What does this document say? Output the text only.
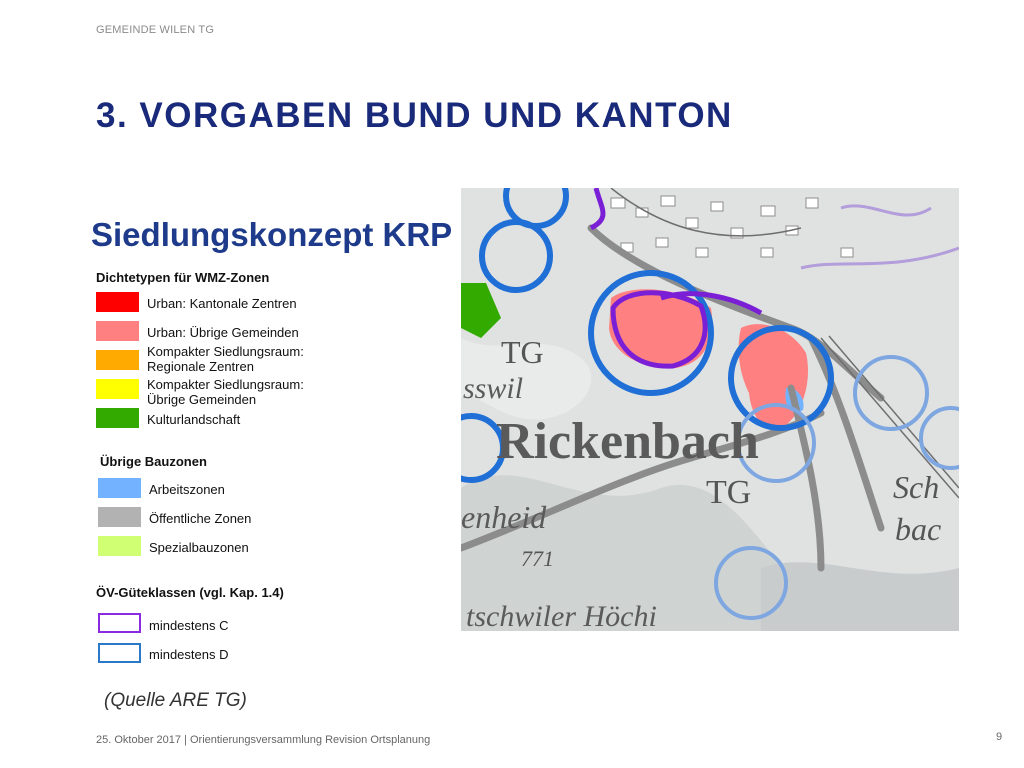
GEMEINDE WILEN TG
3. VORGABEN BUND UND KANTON
Siedlungskonzept KRP
Dichtetypen für WMZ-Zonen
Urban: Kantonale Zentren
Urban: Übrige Gemeinden
Kompakter Siedlungsraum:
Regionale Zentren
Kompakter Siedlungsraum:
Übrige Gemeinden
Kulturlandschaft
Übrige Bauzonen
Arbeitszonen
Öffentliche Zonen
Spezialbauzonen
ÖV-Güteklassen (vgl. Kap. 1.4)
mindestens C
mindestens D
Rickenbach
TG
TG
sswil
Sch
bac
enheid
771
tschwiler Höchi
(Quelle ARE TG)
25. Oktober 2017 | Orientierungsversammlung Revision Ortsplanung	9
